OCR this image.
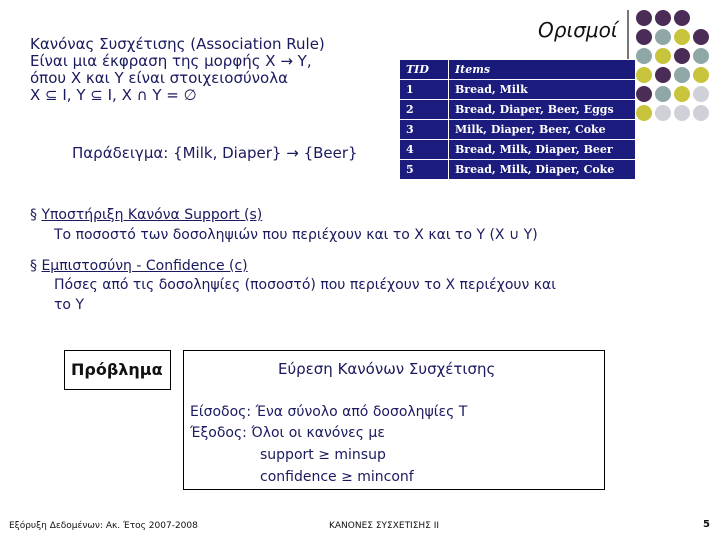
Ορισμοί
Κανόνας Συσχέτισης (Association Rule)
Είναι μια έκφραση της μορφής X → Y,
όπου X και Y είναι στοιχειοσύνολα
X ⊆ I, Y ⊆ I, X ∩ Y = ∅
TID	Items
1	Bread, Milk
2	Bread, Diaper, Beer, Eggs
3	Milk, Diaper, Beer, Coke
4	Bread, Milk, Diaper, Beer
5	Bread, Milk, Diaper, Coke
Παράδειγμα: {Milk, Diaper} → {Beer}
§ Υποστήριξη Κανόνα Support (s)
Το ποσοστό των δοσοληψιών που περιέχουν και το X και το Y (X ∪ Y)
§ Εμπιστοσύνη - Confidence (c)
Πόσες από τις δοσοληψίες (ποσοστό) που περιέχουν το X περιέχουν και
το Y
Πρόβλημα	Εύρεση Κανόνων Συσχέτισης
Είσοδος: Ένα σύνολο από δοσοληψίες T
Έξοδος: Όλοι οι κανόνες με
support ≥ minsup
confidence ≥ minconf
Εξόρυξη Δεδομένων: Ακ. Έτος 2007-2008	ΚΑΝΟΝΕΣ ΣΥΣΧΕΤΙΣΗΣ ΙΙ	5
